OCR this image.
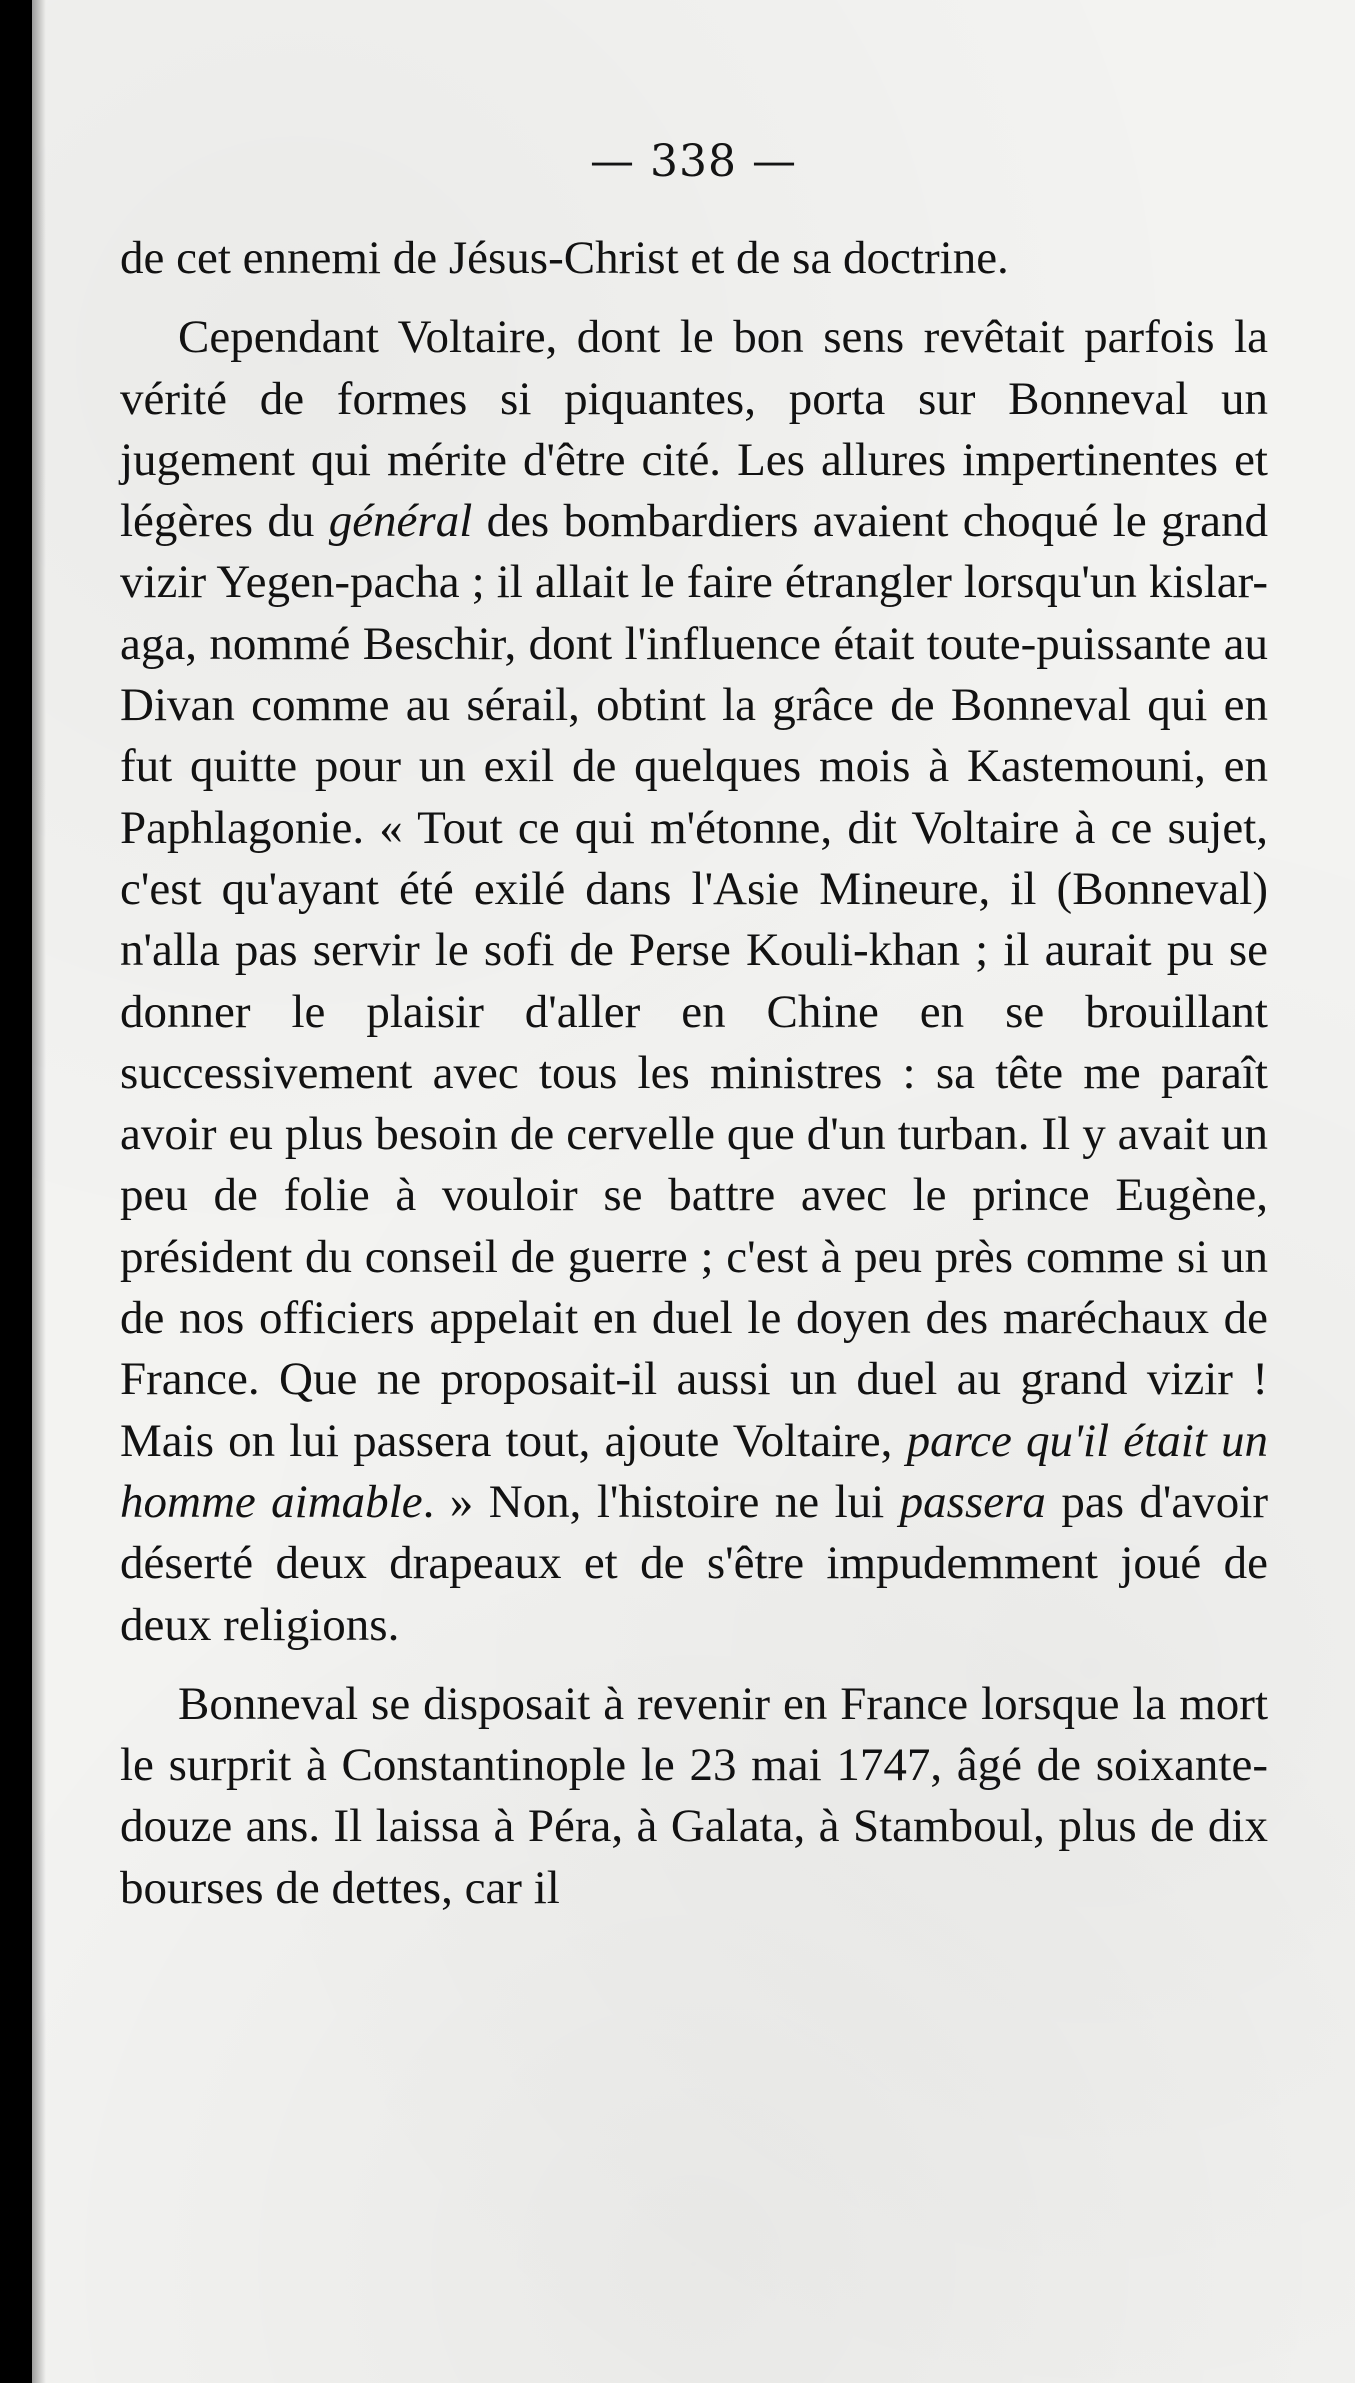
— 338 —

de cet ennemi de Jésus-Christ et de sa doctrine.

Cependant Voltaire, dont le bon sens revêtait parfois la vérité de formes si piquantes, porta sur Bonneval un jugement qui mérite d'être cité. Les allures impertinentes et légères du général des bombardiers avaient choqué le grand vizir Yegen-pacha ; il allait le faire étrangler lorsqu'un kislar-aga, nommé Beschir, dont l'influence était toute-puissante au Divan comme au sérail, obtint la grâce de Bonneval qui en fut quitte pour un exil de quelques mois à Kastemouni, en Paphlagonie. « Tout ce qui m'étonne, dit Voltaire à ce sujet, c'est qu'ayant été exilé dans l'Asie Mineure, il (Bonneval) n'alla pas servir le sofi de Perse Kouli-khan ; il aurait pu se donner le plaisir d'aller en Chine en se brouillant successivement avec tous les ministres : sa tête me paraît avoir eu plus besoin de cervelle que d'un turban. Il y avait un peu de folie à vouloir se battre avec le prince Eugène, président du conseil de guerre ; c'est à peu près comme si un de nos officiers appelait en duel le doyen des maréchaux de France. Que ne proposait-il aussi un duel au grand vizir ! Mais on lui passera tout, ajoute Voltaire, parce qu'il était un homme aimable. » Non, l'histoire ne lui passera pas d'avoir déserté deux drapeaux et de s'être impudemment joué de deux religions.

Bonneval se disposait à revenir en France lorsque la mort le surprit à Constantinople le 23 mai 1747, âgé de soixante-douze ans. Il laissa à Péra, à Galata, à Stamboul, plus de dix bourses de dettes, car il
